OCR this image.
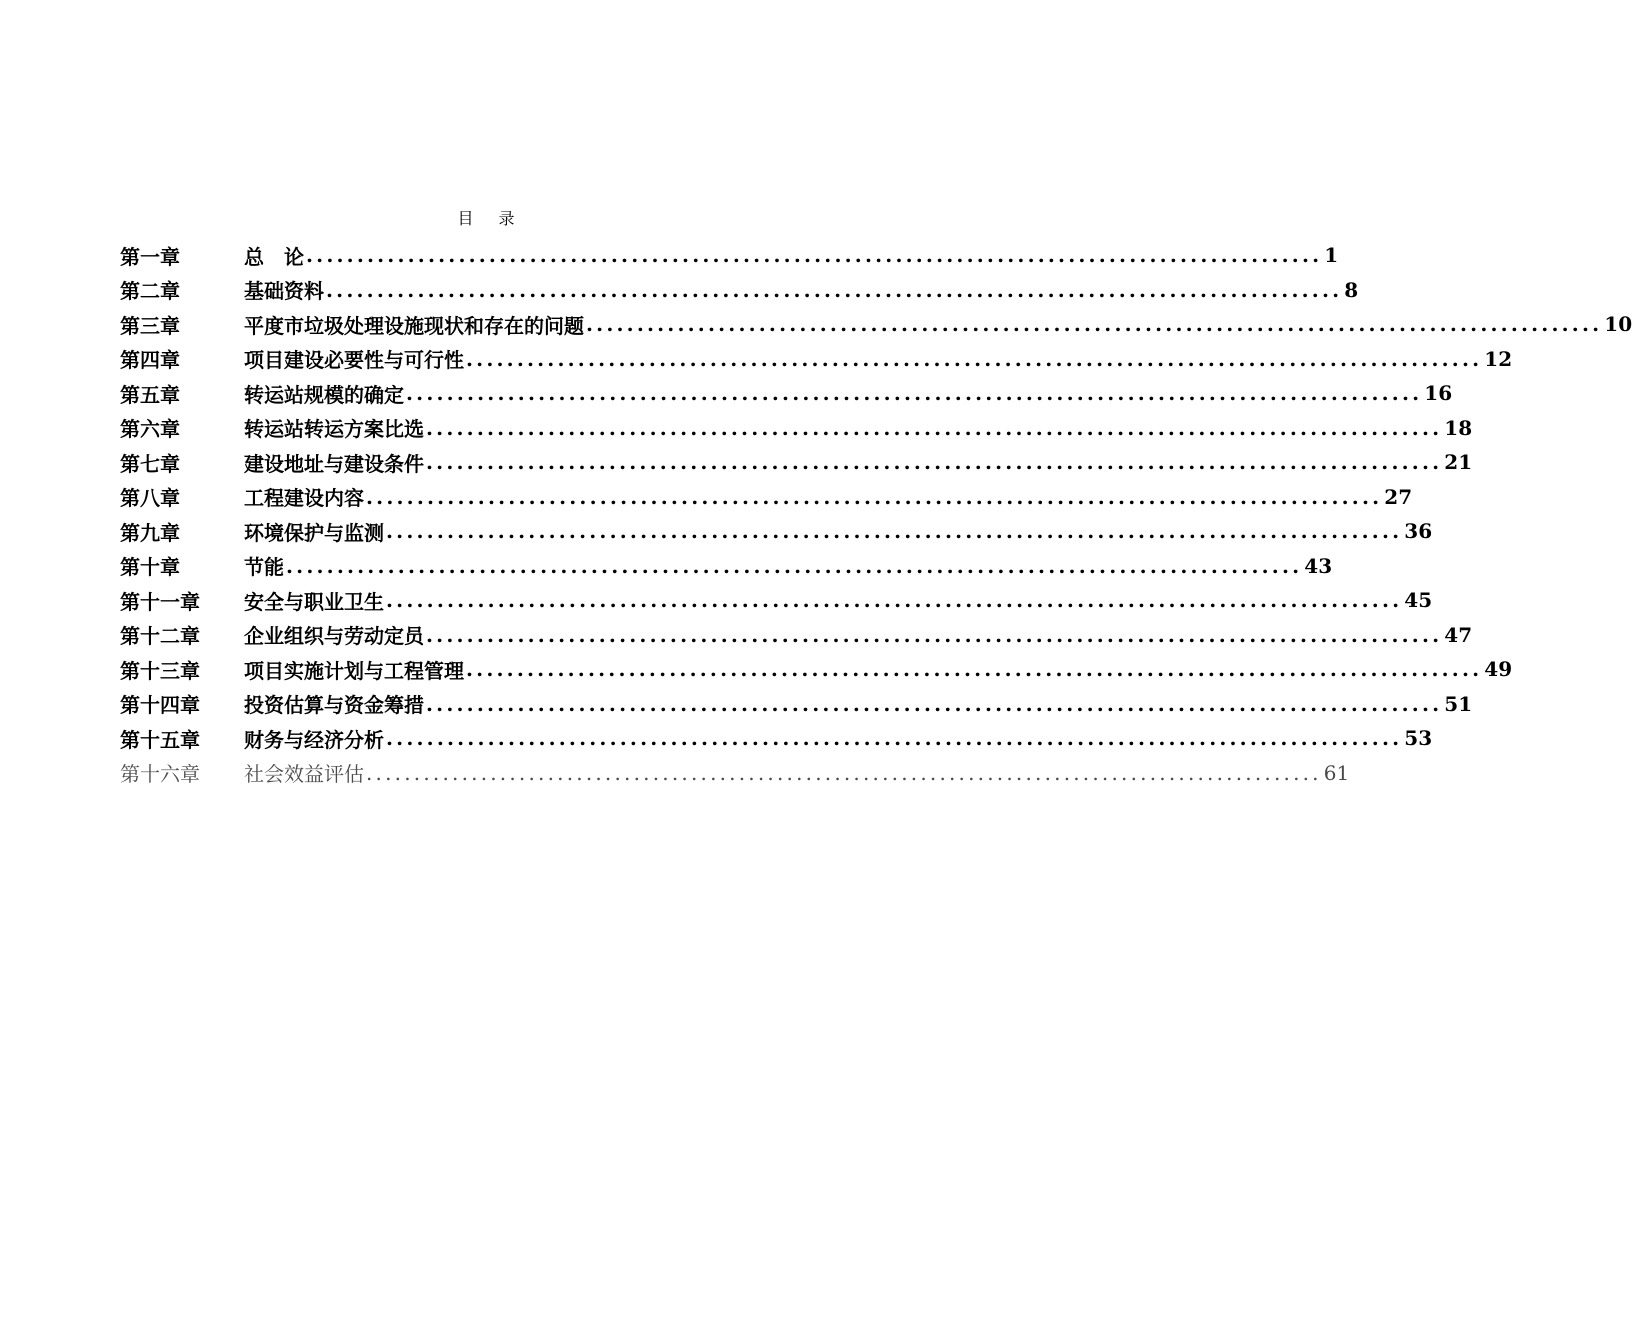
目 录
第一章	总　论 .................................................................................................... 1
第二章	基础资料 .................................................................................................... 8
第三章	平度市垃圾处理设施现状和存在的问题 .................................................................................................... 10
第四章	项目建设必要性与可行性 .................................................................................................... 12
第五章	转运站规模的确定 .................................................................................................... 16
第六章	转运站转运方案比选 .................................................................................................... 18
第七章	建设地址与建设条件 .................................................................................................... 21
第八章	工程建设内容 .................................................................................................... 27
第九章	环境保护与监测 .................................................................................................... 36
第十章	节能 .................................................................................................... 43
第十一章	安全与职业卫生 .................................................................................................... 45
第十二章	企业组织与劳动定员 .................................................................................................... 47
第十三章	项目实施计划与工程管理 .................................................................................................... 49
第十四章	投资估算与资金筹措 .................................................................................................... 51
第十五章	财务与经济分析 .................................................................................................... 53
第十六章	社会效益评估 .................................................................................................... 61
